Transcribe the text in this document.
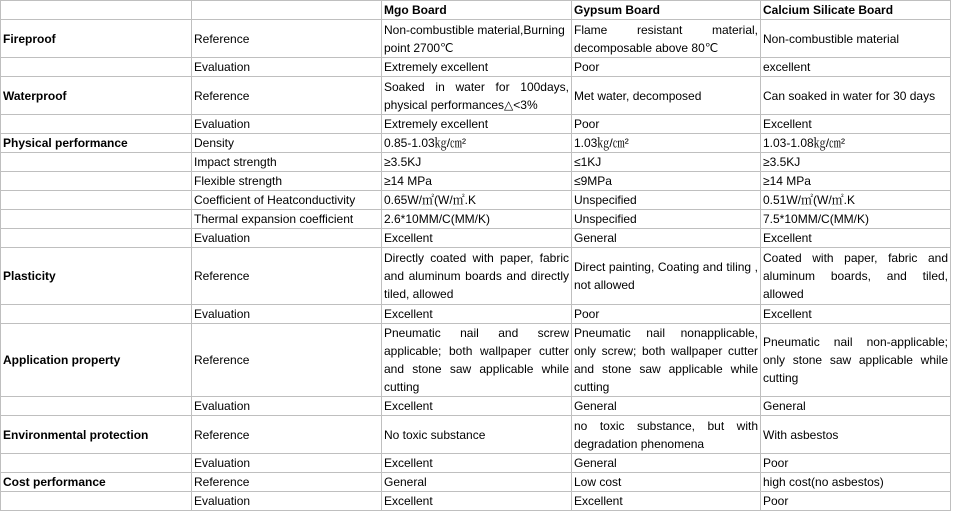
		Mgo Board	Gypsum Board	Calcium Silicate Board
Fireproof	Reference	Non-combustible material,Burning point 2700℃	Flame resistant material, decomposable above 80℃	Non-combustible material
	Evaluation	Extremely excellent	Poor	excellent
Waterproof	Reference	Soaked in water for 100days, physical performances△<3%	Met water, decomposed	Can soaked in water for 30 days
	Evaluation	Extremely excellent	Poor	Excellent
Physical performance	Density	0.85-1.03㎏/㎝²	1.03㎏/㎝²	1.03-1.08㎏/㎝²
	Impact strength	≥3.5KJ	≤1KJ	≥3.5KJ
	Flexible strength	≥14 MPa	≤9MPa	≥14 MPa
	Coefficient of Heatconductivity	0.65W/㎡(W/㎡.K	Unspecified	0.51W/㎡(W/㎡.K
	Thermal expansion coefficient	2.6*10MM/C(MM/K)	Unspecified	7.5*10MM/C(MM/K)
	Evaluation	Excellent	General	Excellent
Plasticity	Reference	Directly coated with paper, fabric and aluminum boards and directly tiled, allowed	Direct painting, Coating and tiling , not allowed	Coated with paper, fabric and aluminum boards, and tiled, allowed
	Evaluation	Excellent	Poor	Excellent
Application property	Reference	Pneumatic nail and screw applicable; both wallpaper cutter and stone saw applicable while cutting	Pneumatic nail nonapplicable, only screw; both wallpaper cutter and stone saw applicable while cutting	Pneumatic nail non-applicable; only stone saw applicable while cutting
	Evaluation	Excellent	General	General
Environmental protection	Reference	No toxic substance	no toxic substance, but with degradation phenomena	With asbestos
	Evaluation	Excellent	General	Poor
Cost performance	Reference	General	Low cost	high cost(no asbestos)
	Evaluation	Excellent	Excellent	Poor
